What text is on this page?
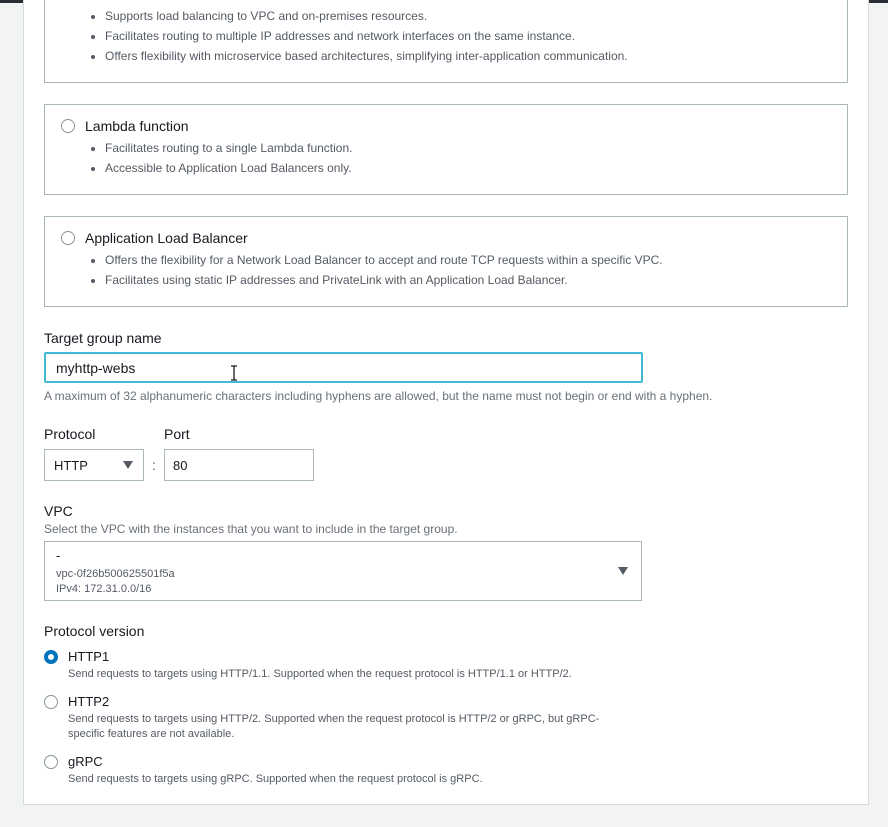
• Supports load balancing to VPC and on-premises resources.
• Facilitates routing to multiple IP addresses and network interfaces on the same instance.
• Offers flexibility with microservice based architectures, simplifying inter-application communication.
Lambda function
• Facilitates routing to a single Lambda function.
• Accessible to Application Load Balancers only.
Application Load Balancer
• Offers the flexibility for a Network Load Balancer to accept and route TCP requests within a specific VPC.
• Facilitates using static IP addresses and PrivateLink with an Application Load Balancer.
Target group name
myhttp-webs
A maximum of 32 alphanumeric characters including hyphens are allowed, but the name must not begin or end with a hyphen.
Protocol	Port
HTTP	:
80
VPC
Select the VPC with the instances that you want to include in the target group.
-
vpc-0f26b500625501f5a
IPv4: 172.31.0.0/16
Protocol version
HTTP1
Send requests to targets using HTTP/1.1. Supported when the request protocol is HTTP/1.1 or HTTP/2.
HTTP2
Send requests to targets using HTTP/2. Supported when the request protocol is HTTP/2 or gRPC, but gRPC-specific features are not available.
gRPC
Send requests to targets using gRPC. Supported when the request protocol is gRPC.
